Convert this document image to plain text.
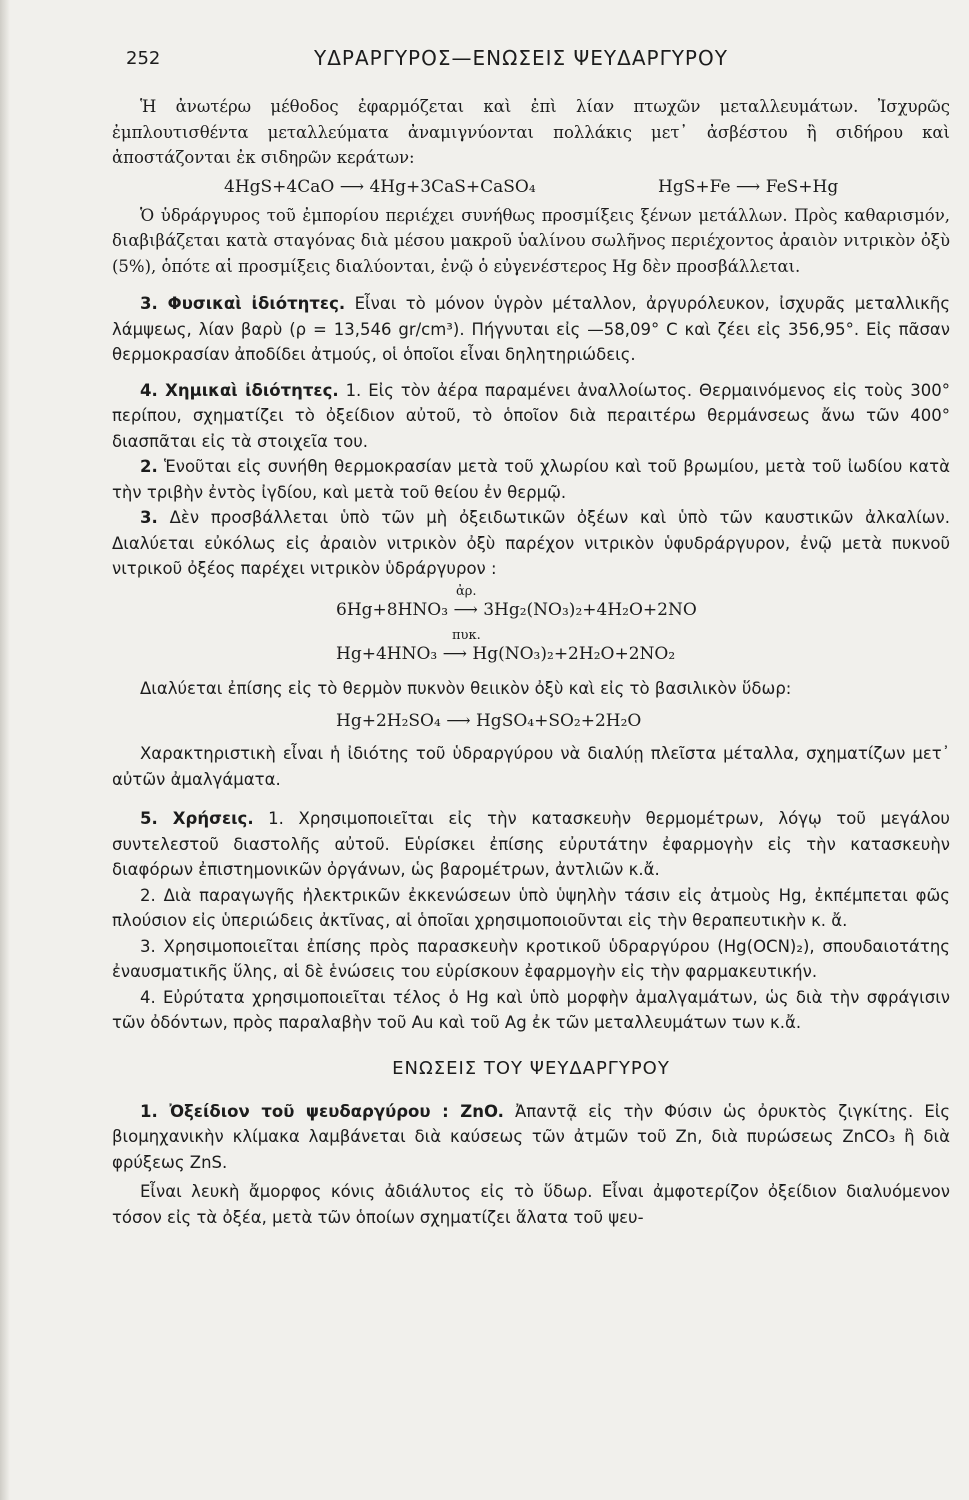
252	ΥΔΡΑΡΓΥΡΟΣ—ΕΝΩΣΕΙΣ ΨΕΥΔΑΡΓΥΡΟΥ

Ἡ ἀνωτέρω μέθοδος ἐφαρμόζεται καὶ ἐπὶ λίαν πτωχῶν μεταλλευμάτων. Ἰσχυρῶς ἐμπλουτισθέντα μεταλλεύματα ἀναμιγνύονται πολλάκις μετ᾽ ἀσβέστου ἢ σιδήρου καὶ ἀποστάζονται ἐκ σιδηρῶν κεράτων:

4HgS+4CaO ⟶ 4Hg+3CaS+CaSO₄	HgS+Fe ⟶ FeS+Hg

Ὁ ὑδράργυρος τοῦ ἐμπορίου περιέχει συνήθως προσμίξεις ξένων μετάλλων. Πρὸς καθαρισμόν, διαβιβάζεται κατὰ σταγόνας διὰ μέσου μακροῦ ὑαλίνου σωλῆνος περιέχοντος ἀραιὸν νιτρικὸν ὀξὺ (5%), ὁπότε αἱ προσμίξεις διαλύονται, ἐνῷ ὁ εὐγενέστερος Hg δὲν προσβάλλεται.

3. Φυσικαὶ ἰδιότητες. Εἶναι τὸ μόνον ὑγρὸν μέταλλον, ἀργυρόλευκον, ἰσχυρᾶς μεταλλικῆς λάμψεως, λίαν βαρὺ (ρ = 13,546 gr/cm³). Πήγνυται εἰς —58,09° C καὶ ζέει εἰς 356,95°. Εἰς πᾶσαν θερμοκρασίαν ἀποδίδει ἀτμούς, οἱ ὁποῖοι εἶναι δηλητηριώδεις.

4. Χημικαὶ ἰδιότητες. 1. Εἰς τὸν ἀέρα παραμένει ἀναλλοίωτος. Θερμαινόμενος εἰς τοὺς 300° περίπου, σχηματίζει τὸ ὀξείδιον αὐτοῦ, τὸ ὁποῖον διὰ περαιτέρω θερμάνσεως ἄνω τῶν 400° διασπᾶται εἰς τὰ στοιχεῖα του.

2. Ἑνοῦται εἰς συνήθη θερμοκρασίαν μετὰ τοῦ χλωρίου καὶ τοῦ βρωμίου, μετὰ τοῦ ἰωδίου κατὰ τὴν τριβὴν ἐντὸς ἰγδίου, καὶ μετὰ τοῦ θείου ἐν θερμῷ.

3. Δὲν προσβάλλεται ὑπὸ τῶν μὴ ὀξειδωτικῶν ὀξέων καὶ ὑπὸ τῶν καυστικῶν ἀλκαλίων. Διαλύεται εὐκόλως εἰς ἀραιὸν νιτρικὸν ὀξὺ παρέχον νιτρικὸν ὑφυδράργυρον, ἐνῷ μετὰ πυκνοῦ νιτρικοῦ ὀξέος παρέχει νιτρικὸν ὑδράργυρον :

ἀρ.
6Hg+8HNO₃ ⟶ 3Hg₂(NO₃)₂+4H₂O+2NO
πυκ.
Hg+4HNO₃ ⟶ Hg(NO₃)₂+2H₂O+2NO₂

Διαλύεται ἐπίσης εἰς τὸ θερμὸν πυκνὸν θειικὸν ὀξὺ καὶ εἰς τὸ βασιλικὸν ὕδωρ:

Hg+2H₂SO₄ ⟶ HgSO₄+SO₂+2H₂O

Χαρακτηριστικὴ εἶναι ἡ ἰδιότης τοῦ ὑδραργύρου νὰ διαλύῃ πλεῖστα μέταλλα, σχηματίζων μετ᾽ αὐτῶν ἀμαλγάματα.

5. Χρήσεις. 1. Χρησιμοποιεῖται εἰς τὴν κατασκευὴν θερμομέτρων, λόγῳ τοῦ μεγάλου συντελεστοῦ διαστολῆς αὐτοῦ. Εὑρίσκει ἐπίσης εὐρυτάτην ἐφαρμογὴν εἰς τὴν κατασκευὴν διαφόρων ἐπιστημονικῶν ὀργάνων, ὡς βαρομέτρων, ἀντλιῶν κ.ἄ.

2. Διὰ παραγωγῆς ἠλεκτρικῶν ἐκκενώσεων ὑπὸ ὑψηλὴν τάσιν εἰς ἀτμοὺς Hg, ἐκπέμπεται φῶς πλούσιον εἰς ὑπεριώδεις ἀκτῖνας, αἱ ὁποῖαι χρησιμοποιοῦνται εἰς τὴν θεραπευτικὴν κ. ἄ.

3. Χρησιμοποιεῖται ἐπίσης πρὸς παρασκευὴν κροτικοῦ ὑδραργύρου (Hg(OCN)₂), σπουδαιοτάτης ἐναυσματικῆς ὕλης, αἱ δὲ ἑνώσεις του εὑρίσκουν ἐφαρμογὴν εἰς τὴν φαρμακευτικήν.

4. Εὐρύτατα χρησιμοποιεῖται τέλος ὁ Hg καὶ ὑπὸ μορφὴν ἀμαλγαμάτων, ὡς διὰ τὴν σφράγισιν τῶν ὀδόντων, πρὸς παραλαβὴν τοῦ Au καὶ τοῦ Ag ἐκ τῶν μεταλλευμάτων των κ.ἄ.

ΕΝΩΣΕΙΣ ΤΟΥ ΨΕΥΔΑΡΓΥΡΟΥ

1. Ὀξείδιον τοῦ ψευδαργύρου : ZnO. Ἀπαντᾷ εἰς τὴν Φύσιν ὡς ὀρυκτὸς ζιγκίτης. Εἰς βιομηχανικὴν κλίμακα λαμβάνεται διὰ καύσεως τῶν ἀτμῶν τοῦ Zn, διὰ πυρώσεως ZnCO₃ ἢ διὰ φρύξεως ZnS.

Εἶναι λευκὴ ἄμορφος κόνις ἀδιάλυτος εἰς τὸ ὕδωρ. Εἶναι ἀμφοτερίζον ὀξείδιον διαλυόμενον τόσον εἰς τὰ ὀξέα, μετὰ τῶν ὁποίων σχηματίζει ἅλατα τοῦ ψευ-
